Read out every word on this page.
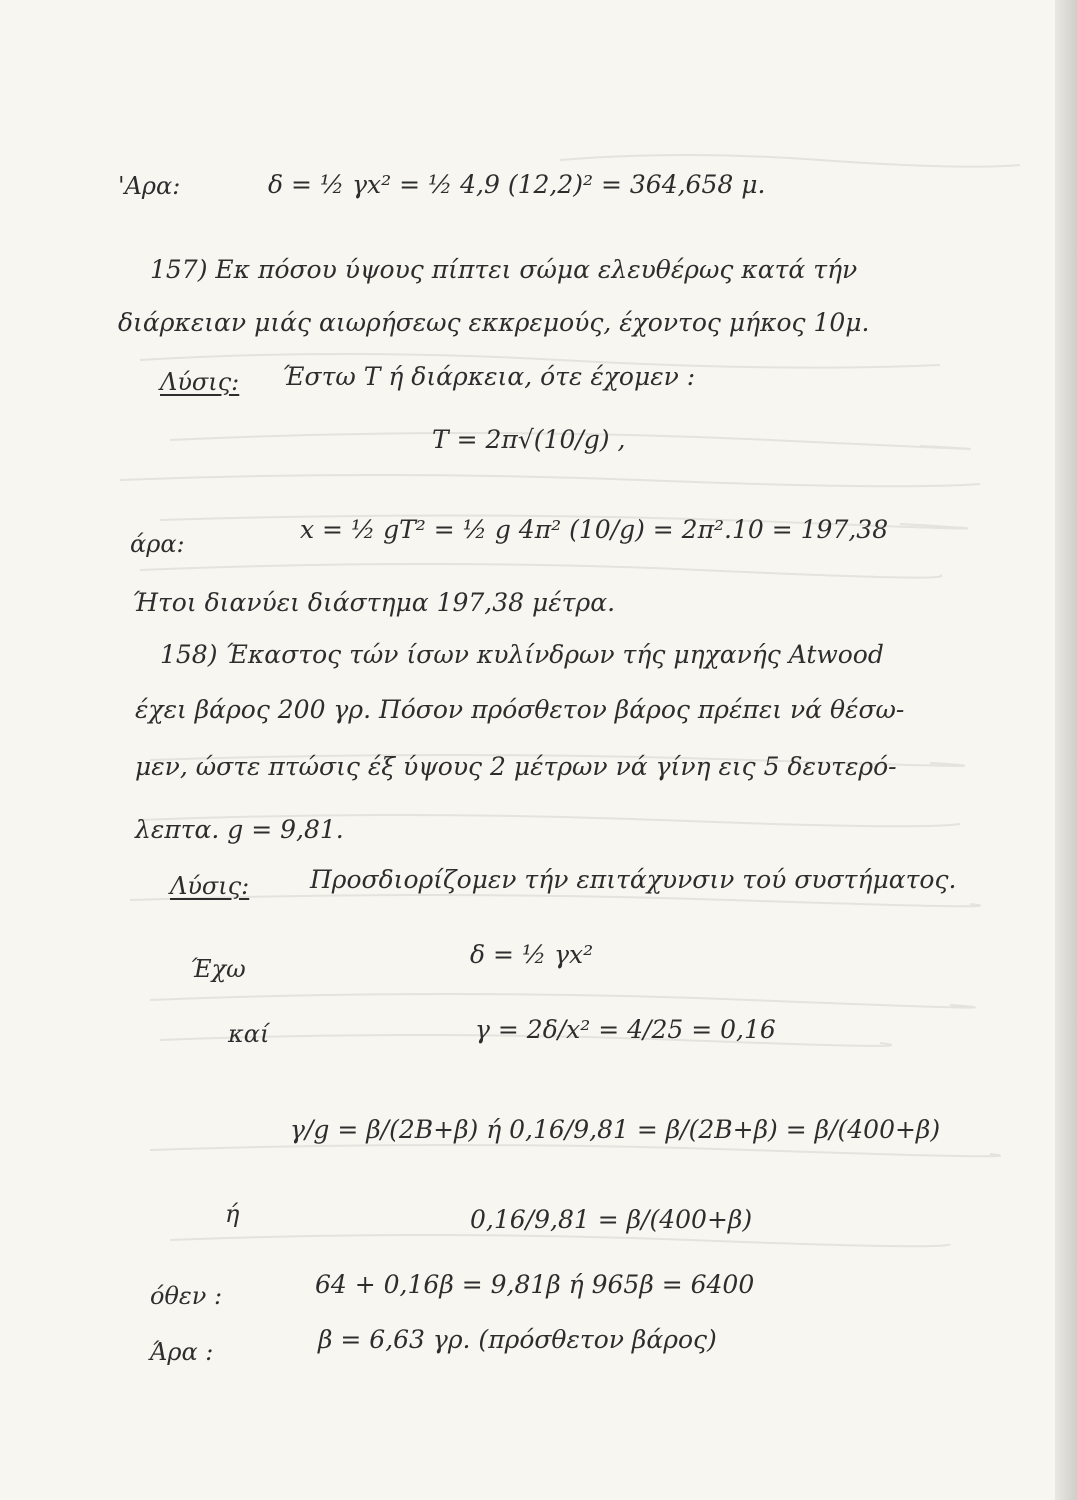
'Αρα:	δ = ½ γx² = ½ 4,9 (12,2)² = 364,658 μ.
157) Εκ πόσου ύψους πίπτει σώμα ελευθέρως κατά τήν
διάρκειαν μιάς αιωρήσεως εκκρεμούς, έχοντος μήκος 10μ.
Λύσις: Έστω Τ ή διάρκεια, ότε έχομεν :
T = 2π√(10/g) ,
άρα:	x = ½ gT² = ½ g 4π² (10/g) = 2π².10 = 197,38
Ήτοι διανύει διάστημα 197,38 μέτρα.
158) Έκαστος τών ίσων κυλίνδρων τής μηχανής Atwood
έχει βάρος 200 γρ. Πόσον πρόσθετον βάρος πρέπει νά θέσω-
μεν, ώστε πτώσις έξ ύψους 2 μέτρων νά γίνη εις 5 δευτερό-
λεπτα. g = 9,81.
Λύσις: Προσδιορίζομεν τήν επιτάχυνσιν τού συστήματος.
Έχω	δ = ½ γx²
καί	γ = 2δ/x² = 4/25 = 0,16
γ/g = β/(2B+β) ή 0,16/9,81 = β/(2B+β) = β/(400+β)
ή	0,16/9,81 = β/(400+β)
όθεν :	64 + 0,16β = 9,81β ή 965β = 6400
Άρα :	β = 6,63 γρ. (πρόσθετον βάρος)
